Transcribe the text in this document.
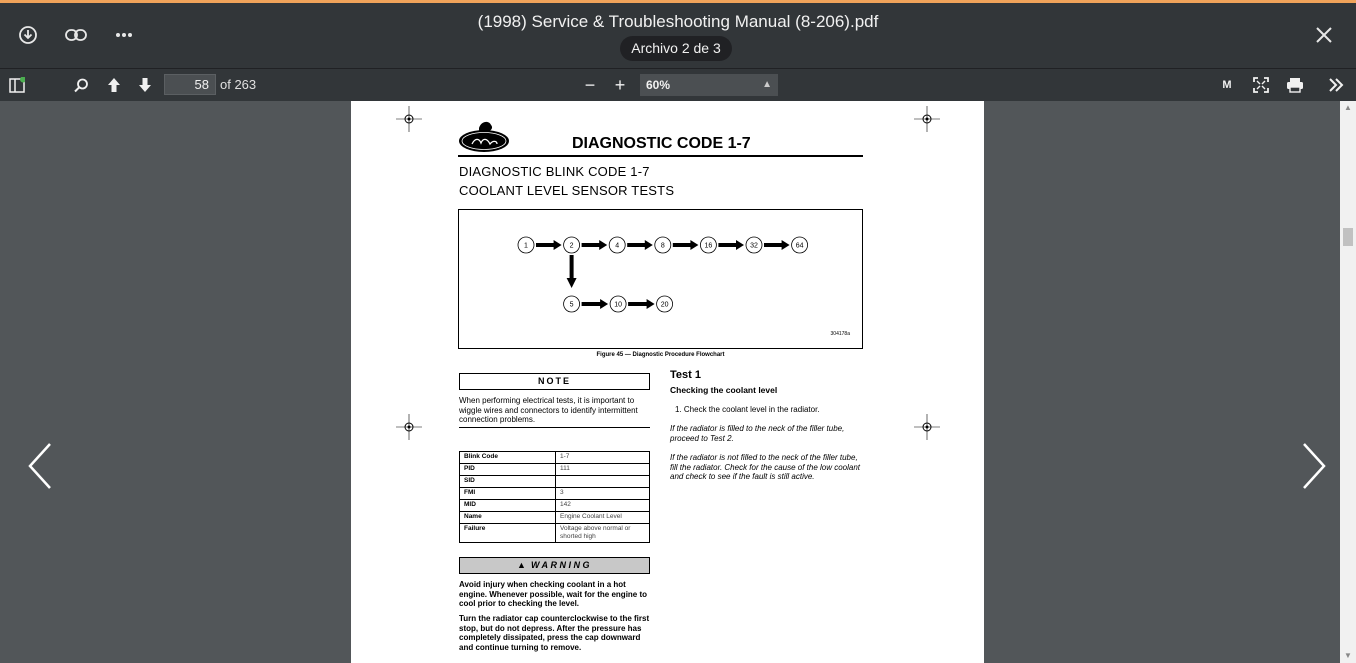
(1998) Service & Troubleshooting Manual (8-206).pdf
Archivo 2 de 3
58 of 263	− +	60%	▲	M
DIAGNOSTIC CODE 1-7
DIAGNOSTIC BLINK CODE 1-7
COOLANT LEVEL SENSOR TESTS
1	2	4	8	16	32	64
5	10	20
304178a
Figure 45 — Diagnostic Procedure Flowchart
NOTE
When performing electrical tests, it is important to wiggle wires and connectors to identify intermittent connection problems.
Blink Code	1-7
PID	111
SID	
FMI	3
MID	142
Name	Engine Coolant Level
Failure	Voltage above normal or shorted high
▲ WARNING
Avoid injury when checking coolant in a hot engine. Whenever possible, wait for the engine to cool prior to checking the level.
Turn the radiator cap counterclockwise to the first stop, but do not depress. After the pressure has completely dissipated, press the cap downward and continue turning to remove.
Test 1
Checking the coolant level
1. Check the coolant level in the radiator.
If the radiator is filled to the neck of the filler tube, proceed to Test 2.
If the radiator is not filled to the neck of the filler tube, fill the radiator. Check for the cause of the low coolant and check to see if the fault is still active.
▲
▼
